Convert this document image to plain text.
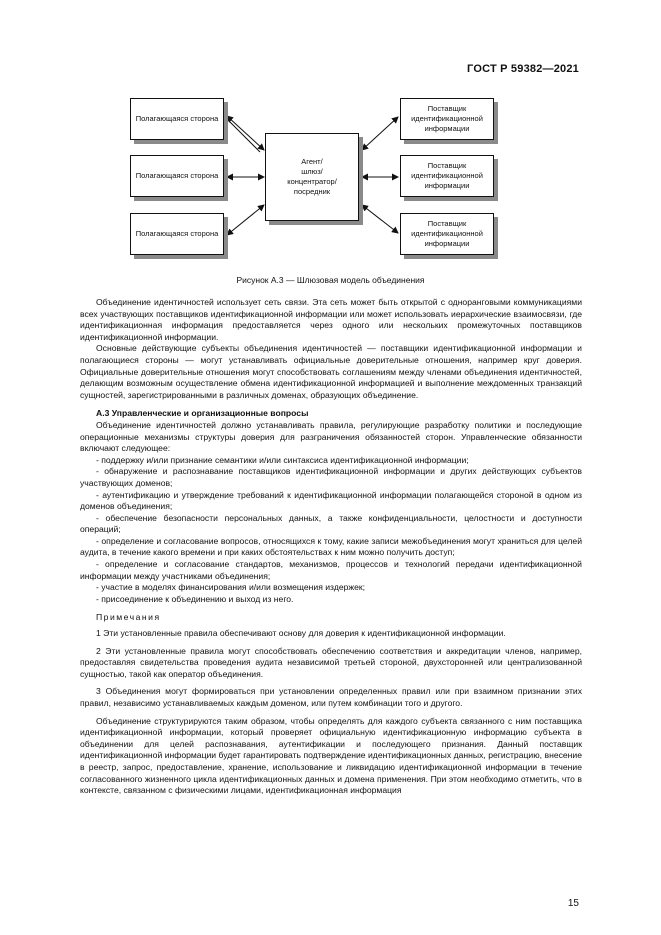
ГОСТ Р 59382—2021
Полагающаяся сторона
Полагающаяся сторона
Полагающаяся сторона
Агент/
шлюз/
концентратор/
посредник
Поставщик идентификационной информации
Поставщик идентификационной информации
Поставщик идентификационной информации
Рисунок А.3 — Шлюзовая модель объединения

Объединение идентичностей использует сеть связи. Эта сеть может быть открытой с одноранговыми коммуникациями всех участвующих поставщиков идентификационной информации или может использовать иерархические взаимосвязи, где идентификационная информация предоставляется через одного или нескольких промежуточных поставщиков идентификационной информации.

Основные действующие субъекты объединения идентичностей — поставщики идентификационной информации и полагающиеся стороны — могут устанавливать официальные доверительные отношения, например круг доверия. Официальные доверительные отношения могут способствовать соглашениям между членами объединения идентичностей, делающим возможным осуществление обмена идентификационной информацией и выполнение междоменных транзакций сущностей, зарегистрированными в различных доменах, образующих объединение.

А.3 Управленческие и организационные вопросы

Объединение идентичностей должно устанавливать правила, регулирующие разработку политики и последующие операционные механизмы структуры доверия для разграничения обязанностей сторон. Управленческие обязанности включают следующее:

- поддержку и/или признание семантики и/или синтаксиса идентификационной информации;

- обнаружение и распознавание поставщиков идентификационной информации и других действующих субъектов участвующих доменов;

- аутентификацию и утверждение требований к идентификационной информации полагающейся стороной в одном из доменов объединения;

- обеспечение безопасности персональных данных, а также конфиденциальности, целостности и доступности операций;

- определение и согласование вопросов, относящихся к тому, какие записи межобъединения могут храниться для целей аудита, в течение какого времени и при каких обстоятельствах к ним можно получить доступ;

- определение и согласование стандартов, механизмов, процессов и технологий передачи идентификационной информации между участниками объединения;

- участие в моделях финансирования и/или возмещения издержек;

- присоединение к объединению и выход из него.

Примечания

1 Эти установленные правила обеспечивают основу для доверия к идентификационной информации.

2 Эти установленные правила могут способствовать обеспечению соответствия и аккредитации членов, например, предоставляя свидетельства проведения аудита независимой третьей стороной, двухсторонней или централизованной сущностью, такой как оператор объединения.

3 Объединения могут формироваться при установлении определенных правил или при взаимном признании этих правил, независимо устанавливаемых каждым доменом, или путем комбинации того и другого.

Объединение структурируются таким образом, чтобы определять для каждого субъекта связанного с ним поставщика идентификационной информации, который проверяет официальную идентификационную информацию субъекта в объединении для целей распознавания, аутентификации и последующего признания. Данный поставщик идентификационной информации будет гарантировать подтверждение идентификационных данных, регистрацию, внесение в реестр, запрос, предоставление, хранение, использование и ликвидацию идентификационной информации в течение согласованного жизненного цикла идентификационных данных и домена применения. При этом необходимо отметить, что в контексте, связанном с физическими лицами, идентификационная информация

15
